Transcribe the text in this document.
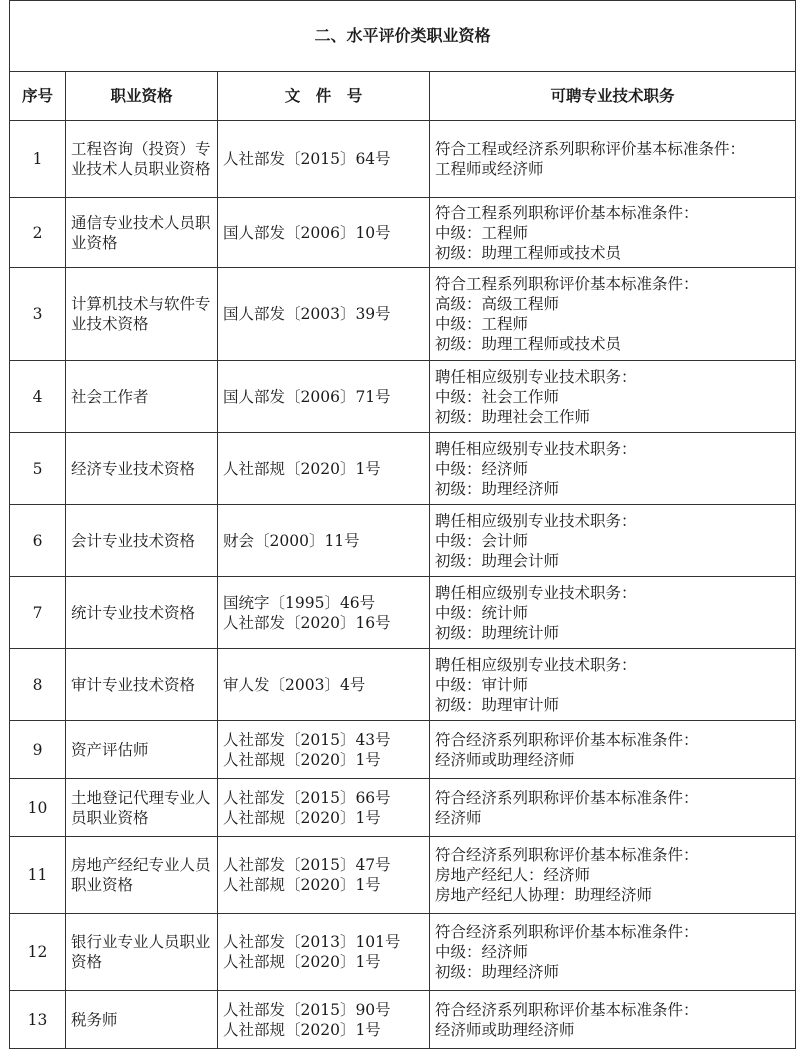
二、水平评价类职业资格			
序号	职业资格	文　件　号	可聘专业技术职务
1	工程咨询（投资）专业技术人员职业资格	人社部发〔2015〕64号	符合工程或经济系列职称评价基本标准条件：
工程师或经济师

2	通信专业技术人员职业资格	国人部发〔2006〕10号	符合工程系列职称评价基本标准条件：
中级：工程师
初级：助理工程师或技术员

3	计算机技术与软件专业技术资格	国人部发〔2003〕39号	符合工程系列职称评价基本标准条件：
高级：高级工程师
中级：工程师
初级：助理工程师或技术员

4	社会工作者	国人部发〔2006〕71号	聘任相应级别专业技术职务：
中级：社会工作师
初级：助理社会工作师

5	经济专业技术资格	人社部规〔2020〕1号	聘任相应级别专业技术职务：
中级：经济师
初级：助理经济师

6	会计专业技术资格	财会〔2000〕11号	聘任相应级别专业技术职务：
中级：会计师
初级：助理会计师

7	统计专业技术资格	国统字〔1995〕46号
人社部发〔2020〕16号	聘任相应级别专业技术职务：
中级：统计师
初级：助理统计师

8	审计专业技术资格	审人发〔2003〕4号	聘任相应级别专业技术职务：
中级：审计师
初级：助理审计师

9	资产评估师	人社部发〔2015〕43号
人社部规〔2020〕1号	符合经济系列职称评价基本标准条件：
经济师或助理经济师

10	土地登记代理专业人员职业资格	人社部发〔2015〕66号
人社部规〔2020〕1号	符合经济系列职称评价基本标准条件：
经济师

11	房地产经纪专业人员职业资格	人社部发〔2015〕47号
人社部规〔2020〕1号	符合经济系列职称评价基本标准条件：
房地产经纪人：经济师
房地产经纪人协理：助理经济师

12	银行业专业人员职业资格	人社部发〔2013〕101号
人社部规〔2020〕1号	符合经济系列职称评价基本标准条件：
中级：经济师
初级：助理经济师

13	税务师	人社部发〔2015〕90号
人社部规〔2020〕1号	符合经济系列职称评价基本标准条件：
经济师或助理经济师
